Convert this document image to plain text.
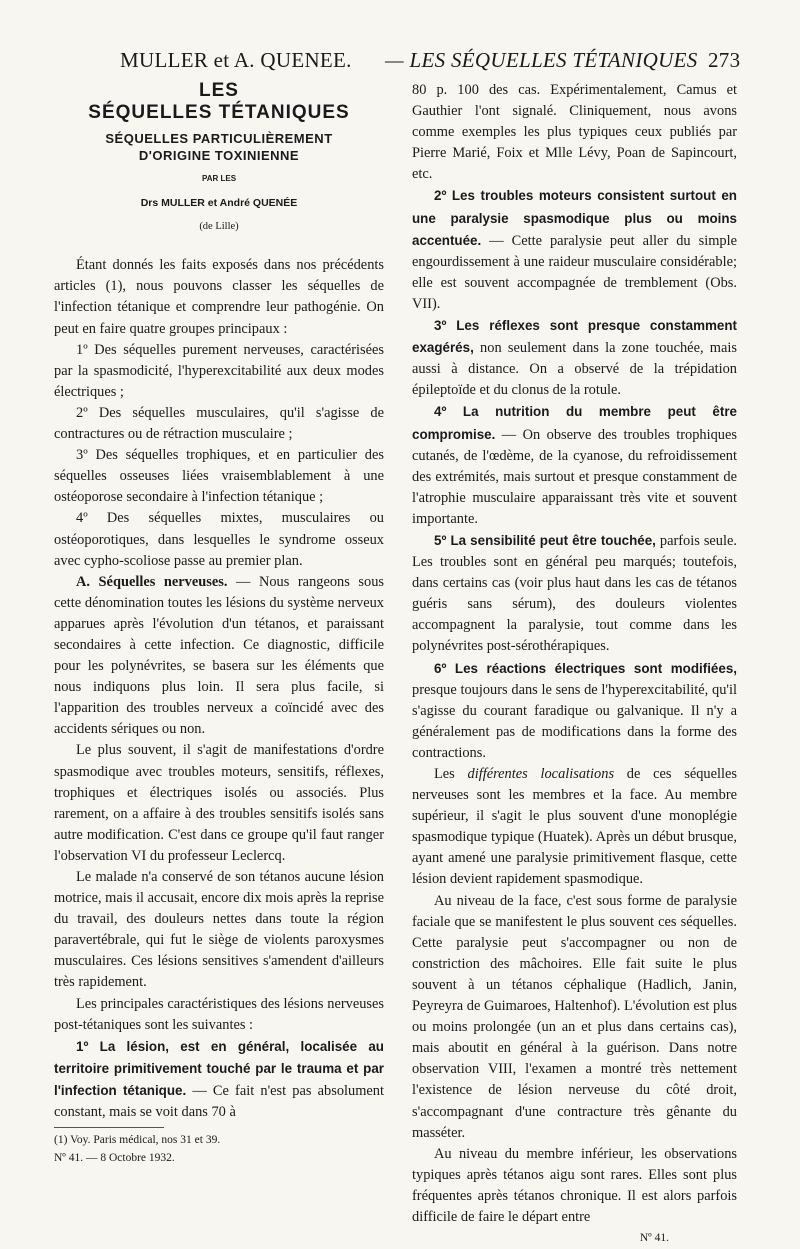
MULLER et A. QUENEE. — LES SÉQUELLES TÉTANIQUES 273
LES
SÉQUELLES TÉTANIQUES
SÉQUELLES PARTICULIÈREMENT
D'ORIGINE TOXINIENNE
PAR LES
Drs MULLER et André QUENÉE
(de Lille)

Étant donnés les faits exposés dans nos précédents articles (1), nous pouvons classer les séquelles de l'infection tétanique et comprendre leur pathogénie. On peut en faire quatre groupes principaux :

1º Des séquelles purement nerveuses, caractérisées par la spasmodicité, l'hyperexcitabilité aux deux modes électriques ;

2º Des séquelles musculaires, qu'il s'agisse de contractures ou de rétraction musculaire ;

3º Des séquelles trophiques, et en particulier des séquelles osseuses liées vraisemblablement à une ostéoporose secondaire à l'infection tétanique ;

4º Des séquelles mixtes, musculaires ou ostéoporotiques, dans lesquelles le syndrome osseux avec cypho-scoliose passe au premier plan.

A. Séquelles nerveuses. — Nous rangeons sous cette dénomination toutes les lésions du système nerveux apparues après l'évolution d'un tétanos, et paraissant secondaires à cette infection. Ce diagnostic, difficile pour les polynévrites, se basera sur les éléments que nous indiquons plus loin. Il sera plus facile, si l'apparition des troubles nerveux a coïncidé avec des accidents sériques ou non.

Le plus souvent, il s'agit de manifestations d'ordre spasmodique avec troubles moteurs, sensitifs, réflexes, trophiques et électriques isolés ou associés. Plus rarement, on a affaire à des troubles sensitifs isolés sans autre modification. C'est dans ce groupe qu'il faut ranger l'observation VI du professeur Leclercq.

Le malade n'a conservé de son tétanos aucune lésion motrice, mais il accusait, encore dix mois après la reprise du travail, des douleurs nettes dans toute la région paravertébrale, qui fut le siège de violents paroxysmes musculaires. Ces lésions sensitives s'amendent d'ailleurs très rapidement.

Les principales caractéristiques des lésions nerveuses post-tétaniques sont les suivantes :

1º La lésion, est en général, localisée au territoire primitivement touché par le trauma et par l'infection tétanique. — Ce fait n'est pas absolument constant, mais se voit dans 70 à

(1) Voy. Paris médical, nos 31 et 39.

Nº 41. — 8 Octobre 1932.

80 p. 100 des cas. Expérimentalement, Camus et Gauthier l'ont signalé. Cliniquement, nous avons comme exemples les plus typiques ceux publiés par Pierre Marié, Foix et Mlle Lévy, Poan de Sapincourt, etc.

2º Les troubles moteurs consistent surtout en une paralysie spasmodique plus ou moins accentuée. — Cette paralysie peut aller du simple engourdissement à une raideur musculaire considérable; elle est souvent accompagnée de tremblement (Obs. VII).

3º Les réflexes sont presque constamment exagérés, non seulement dans la zone touchée, mais aussi à distance. On a observé de la trépidation épileptoïde et du clonus de la rotule.

4º La nutrition du membre peut être compromise. — On observe des troubles trophiques cutanés, de l'œdème, de la cyanose, du refroidissement des extrémités, mais surtout et presque constamment de l'atrophie musculaire apparaissant très vite et souvent importante.

5º La sensibilité peut être touchée, parfois seule. Les troubles sont en général peu marqués; toutefois, dans certains cas (voir plus haut dans les cas de tétanos guéris sans sérum), des douleurs violentes accompagnent la paralysie, tout comme dans les polynévrites post-sérothérapiques.

6º Les réactions électriques sont modifiées, presque toujours dans le sens de l'hyperexcitabilité, qu'il s'agisse du courant faradique ou galvanique. Il n'y a généralement pas de modifications dans la forme des contractions.

Les différentes localisations de ces séquelles nerveuses sont les membres et la face. Au membre supérieur, il s'agit le plus souvent d'une monoplégie spasmodique typique (Huatek). Après un début brusque, ayant amené une paralysie primitivement flasque, cette lésion devient rapidement spasmodique.

Au niveau de la face, c'est sous forme de paralysie faciale que se manifestent le plus souvent ces séquelles. Cette paralysie peut s'accompagner ou non de constriction des mâchoires. Elle fait suite le plus souvent à un tétanos céphalique (Hadlich, Janin, Peyreyra de Guimaroes, Haltenhof). L'évolution est plus ou moins prolongée (un an et plus dans certains cas), mais aboutit en général à la guérison. Dans notre observation VIII, l'examen a montré très nettement l'existence de lésion nerveuse du côté droit, s'accompagnant d'une contracture très gênante du masséter.

Au niveau du membre inférieur, les observations typiques après tétanos aigu sont rares. Elles sont plus fréquentes après tétanos chronique. Il est alors parfois difficile de faire le départ entre

Nº 41.
